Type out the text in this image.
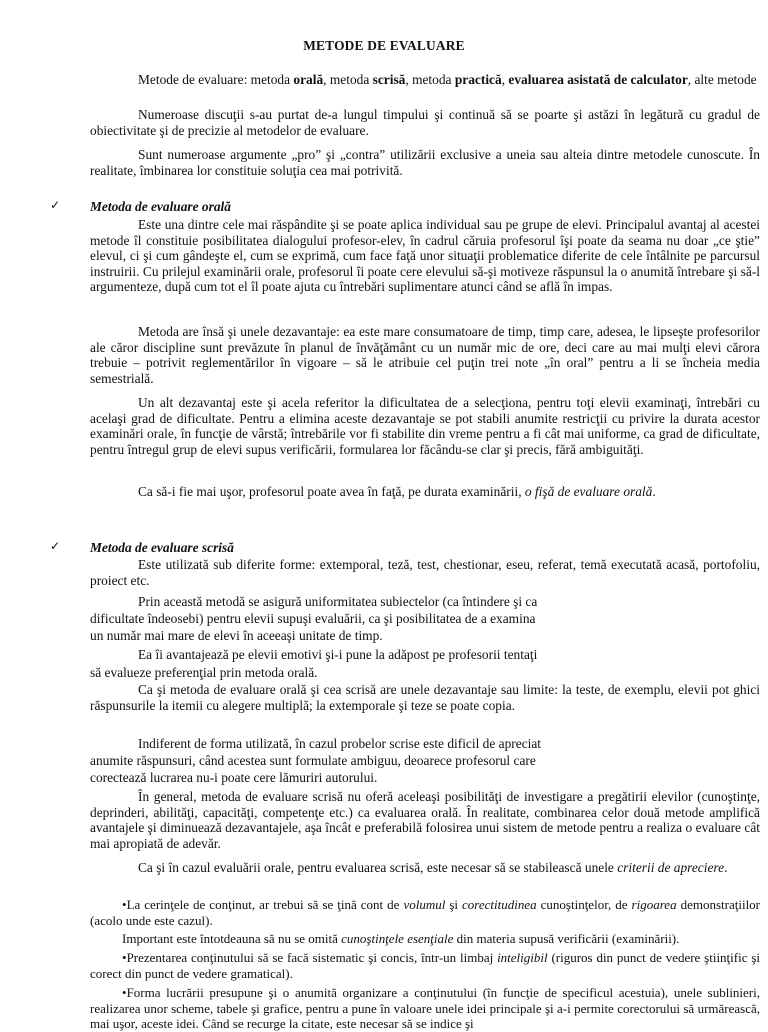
METODE DE EVALUARE

Metode de evaluare: metoda orală, metoda scrisă, metoda practică, evaluarea asistată de calculator, alte metode

Numeroase discuţii s-au purtat de-a lungul timpului şi continuă să se poarte şi astăzi în legătură cu gradul de obiectivitate şi de precizie al metodelor de evaluare.

Sunt numeroase argumente „pro” şi „contra” utilizării exclusive a uneia sau alteia dintre metodele cunoscute. În realitate, îmbinarea lor constituie soluţia cea mai potrivită.

✓ Metoda de evaluare orală

Este una dintre cele mai răspândite şi se poate aplica individual sau pe grupe de elevi. Principalul avantaj al acestei metode îl constituie posibilitatea dialogului profesor-elev, în cadrul căruia profesorul îşi poate da seama nu doar „ce ştie” elevul, ci şi cum gândeşte el, cum se exprimă, cum face faţă unor situaţii problematice diferite de cele întâlnite pe parcursul instruirii. Cu prilejul examinării orale, profesorul îi poate cere elevului să-şi motiveze răspunsul la o anumită întrebare şi să-l argumenteze, după cum tot el îl poate ajuta cu întrebări suplimentare atunci când se află în impas.

Metoda are însă şi unele dezavantaje: ea este mare consumatoare de timp, timp care, adesea, le lipseşte profesorilor ale căror discipline sunt prevăzute în planul de învăţământ cu un număr mic de ore, deci care au mai mulţi elevi cărora trebuie – potrivit reglementărilor în vigoare – să le atribuie cel puţin trei note „în oral” pentru a li se încheia media semestrială.

Un alt dezavantaj este şi acela referitor la dificultatea de a selecţiona, pentru toţi elevii examinaţi, întrebări cu acelaşi grad de dificultate. Pentru a elimina aceste dezavantaje se pot stabili anumite restricţii cu privire la durata acestor examinări orale, în funcţie de vârstă; întrebările vor fi stabilite din vreme pentru a fi cât mai uniforme, ca grad de dificultate, pentru întregul grup de elevi supus verificării, formularea lor făcându-se clar şi precis, fără ambiguităţi.

Ca să-i fie mai uşor, profesorul poate avea în faţă, pe durata examinării, o fişă de evaluare orală.

✓ Metoda de evaluare scrisă

Este utilizată sub diferite forme: extemporal, teză, test, chestionar, eseu, referat, temă executată acasă, portofoliu, proiect etc.

Prin această metodă se asigură uniformitatea subiectelor (ca întindere şi ca

dificultate îndeosebi) pentru elevii supuşi evaluării, ca şi posibilitatea de a examina

un număr mai mare de elevi în aceeaşi unitate de timp.

Ea îi avantajează pe elevii emotivi şi-i pune la adăpost pe profesorii tentaţi

să evalueze preferenţial prin metoda orală.

Ca şi metoda de evaluare orală şi cea scrisă are unele dezavantaje sau limite: la teste, de exemplu, elevii pot ghici răspunsurile la itemii cu alegere multiplă; la extemporale şi teze se poate copia.

Indiferent de forma utilizată, în cazul probelor scrise este dificil de apreciat

anumite răspunsuri, când acestea sunt formulate ambiguu, deoarece profesorul care

corectează lucrarea nu-i poate cere lămuriri autorului.

În general, metoda de evaluare scrisă nu oferă aceleaşi posibilităţi de investigare a pregătirii elevilor (cunoştinţe, deprinderi, abilităţi, capacităţi, competenţe etc.) ca evaluarea orală. În realitate, combinarea celor două metode amplifică avantajele şi diminuează dezavantajele, aşa încât e preferabilă folosirea unui sistem de metode pentru a realiza o evaluare cât mai apropiată de adevăr.

Ca şi în cazul evaluării orale, pentru evaluarea scrisă, este necesar să se stabilească unele criterii de apreciere.

•La cerinţele de conţinut, ar trebui să se ţină cont de volumul şi corectitudinea cunoştinţelor, de rigoarea demonstraţiilor (acolo unde este cazul).

Important este întotdeauna să nu se omită cunoştinţele esenţiale din materia supusă verificării (examinării).

•Prezentarea conţinutului să se facă sistematic şi concis, într-un limbaj inteligibil (riguros din punct de vedere ştiinţific şi corect din punct de vedere gramatical).

•Forma lucrării presupune şi o anumită organizare a conţinutului (în funcţie de specificul acestuia), unele sublinieri, realizarea unor scheme, tabele şi grafice, pentru a pune în valoare unele idei principale şi a-i permite corectorului să urmărească, mai uşor, aceste idei. Când se recurge la citate, este necesar să se indice şi
